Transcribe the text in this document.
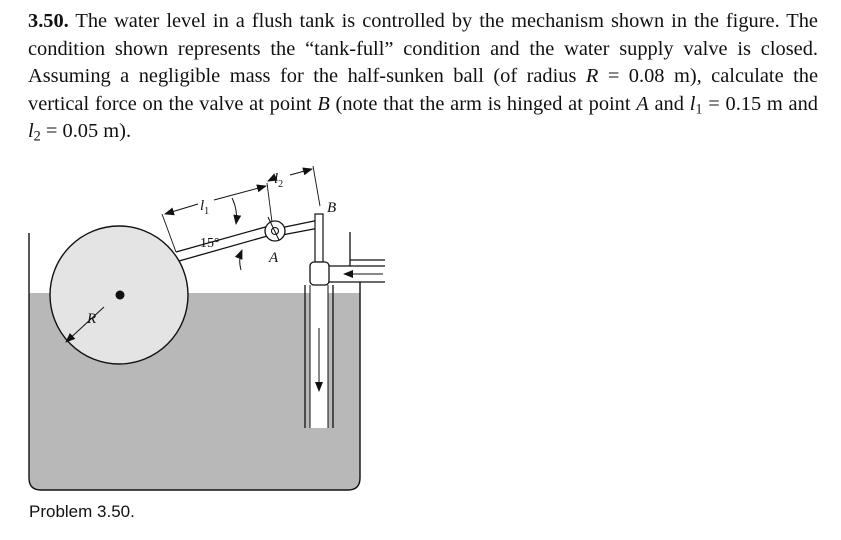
3.50. The water level in a flush tank is controlled by the mechanism shown in the figure. The condition shown represents the “tank-full” condition and the water supply valve is closed. Assuming a negligible mass for the half-sunken ball (of radius R = 0.08 m), calculate the vertical force on the valve at point B (note that the arm is hinged at point A and $l_1 = 0.15$ m and $l_2 = 0.05$ m).
R
A
15°
$l_1$
$l_2$
B
Problem 3.50.
